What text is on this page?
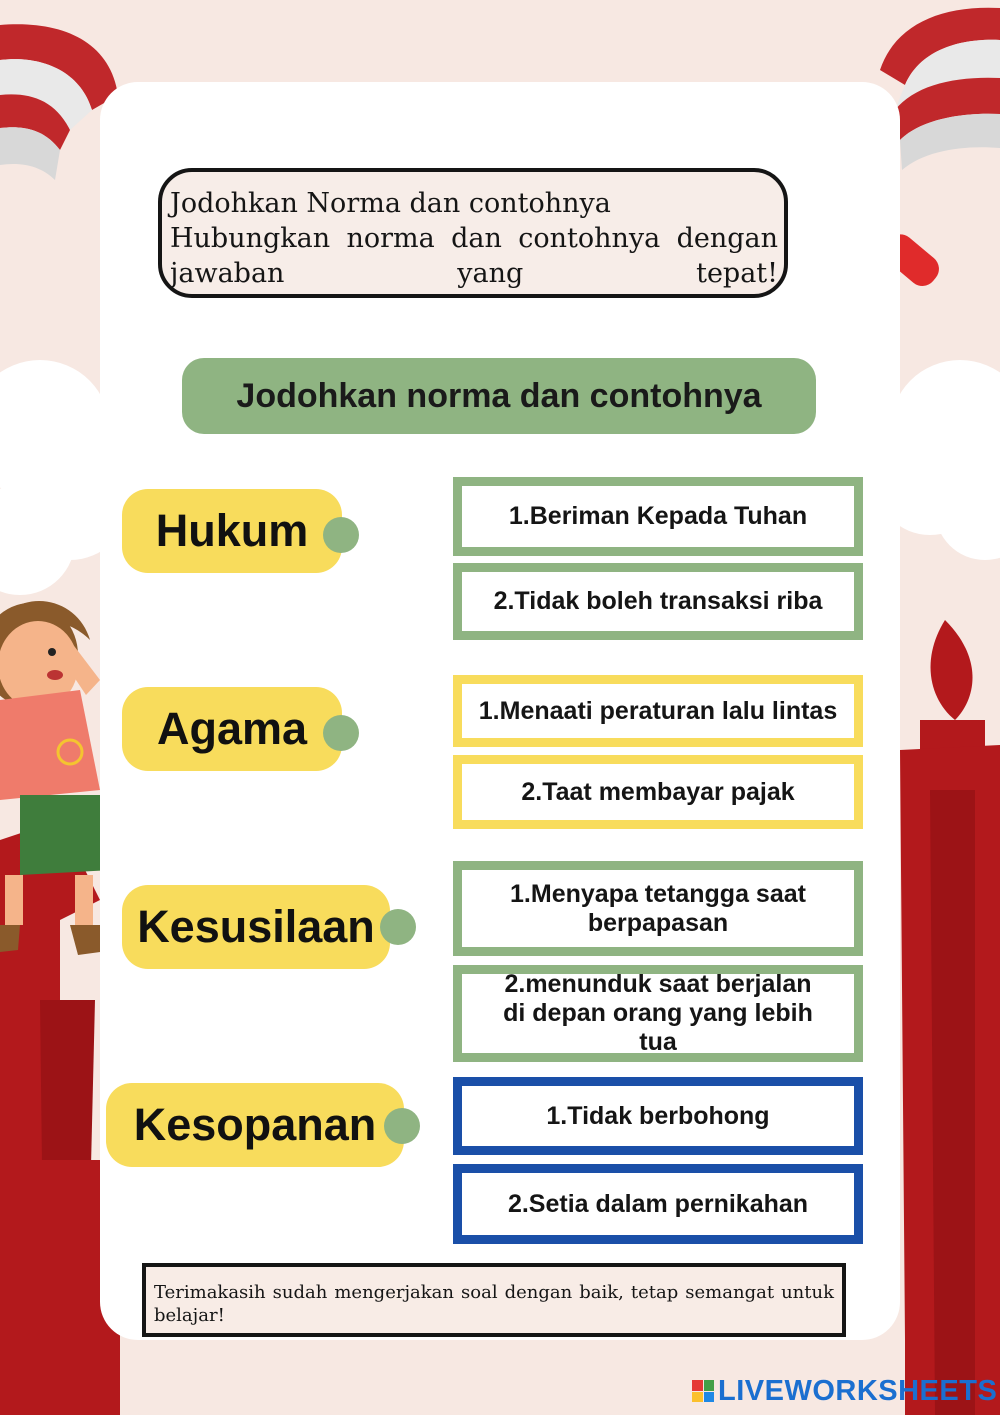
Jodohkan Norma dan contohnya
Hubungkan norma dan contohnya dengan jawaban yang tepat!
Jodohkan norma dan contohnya
Hukum
Agama
Kesusilaan
Kesopanan
1.Beriman Kepada Tuhan
2.Tidak boleh transaksi riba
1.Menaati peraturan lalu lintas
2.Taat membayar pajak
1.Menyapa tetangga saat berpapasan
2.menunduk saat berjalan di depan orang yang lebih tua
1.Tidak berbohong
2.Setia dalam pernikahan
Terimakasih sudah mengerjakan soal dengan baik, tetap semangat untuk belajar!
LIVEWORKSHEETS
